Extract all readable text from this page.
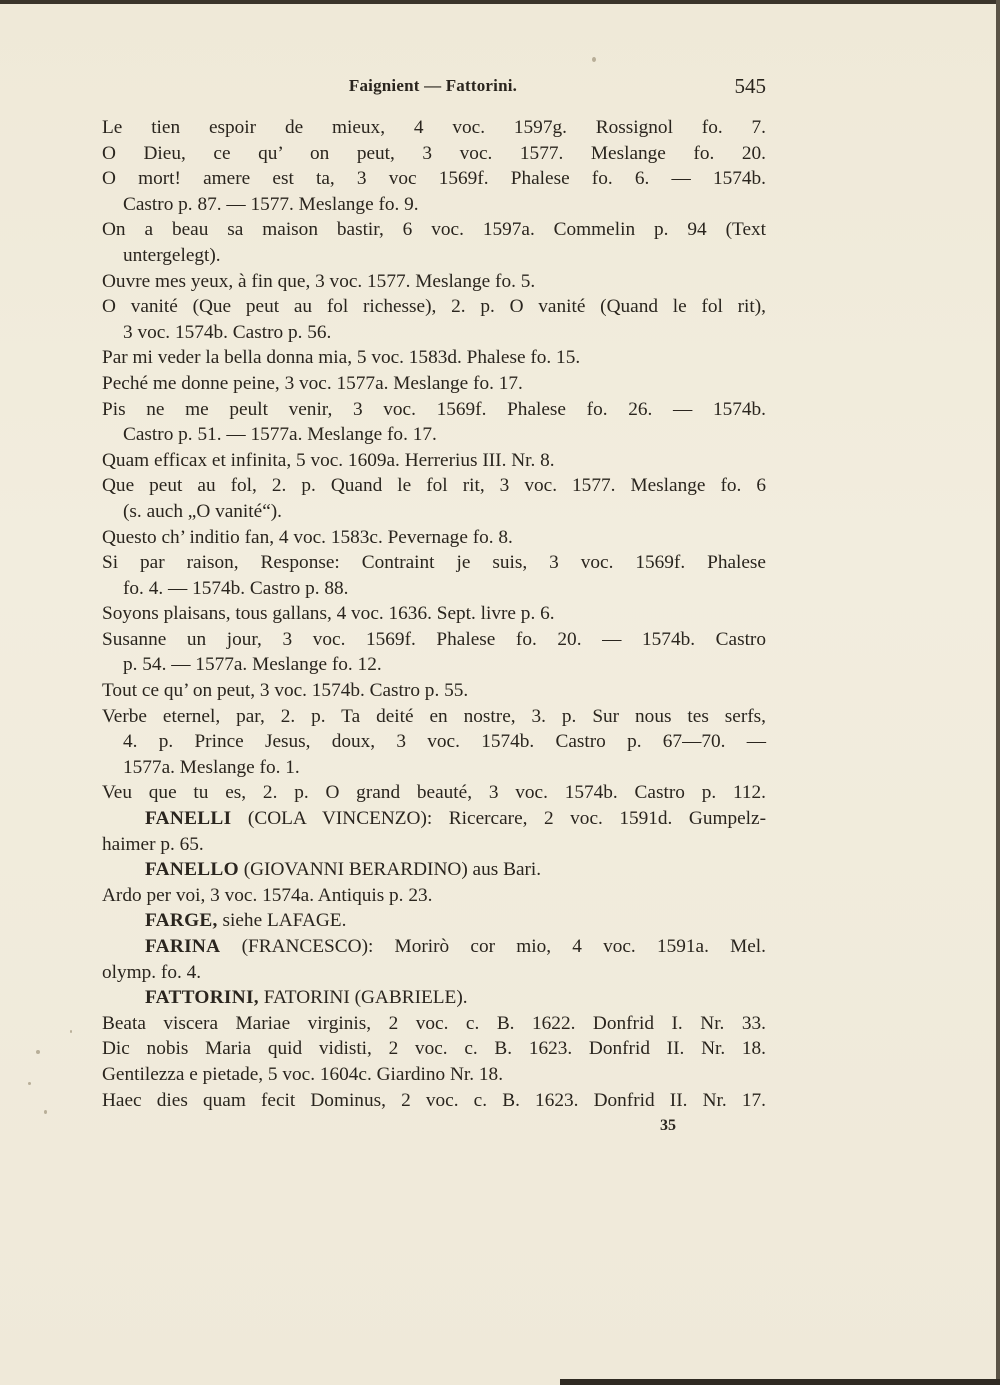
Faignient — Fattorini.	545
Le tien espoir de mieux, 4 voc. 1597g. Rossignol fo. 7.
O Dieu, ce qu’ on peut, 3 voc. 1577. Meslange fo. 20.
O mort! amere est ta, 3 voc 1569f. Phalese fo. 6. — 1574b.
Castro p. 87. — 1577. Meslange fo. 9.
On a beau sa maison bastir, 6 voc. 1597a. Commelin p. 94 (Text
untergelegt).
Ouvre mes yeux, à fin que, 3 voc. 1577. Meslange fo. 5.
O vanité (Que peut au fol richesse), 2. p. O vanité (Quand le fol rit),
3 voc. 1574b. Castro p. 56.
Par mi veder la bella donna mia, 5 voc. 1583d. Phalese fo. 15.
Peché me donne peine, 3 voc. 1577a. Meslange fo. 17.
Pis ne me peult venir, 3 voc. 1569f. Phalese fo. 26. — 1574b.
Castro p. 51. — 1577a. Meslange fo. 17.
Quam efficax et infinita, 5 voc. 1609a. Herrerius III. Nr. 8.
Que peut au fol, 2. p. Quand le fol rit, 3 voc. 1577. Meslange fo. 6
(s. auch „O vanité“).
Questo ch’ inditio fan, 4 voc. 1583c. Pevernage fo. 8.
Si par raison, Response: Contraint je suis, 3 voc. 1569f. Phalese
fo. 4. — 1574b. Castro p. 88.
Soyons plaisans, tous gallans, 4 voc. 1636. Sept. livre p. 6.
Susanne un jour, 3 voc. 1569f. Phalese fo. 20. — 1574b. Castro
p. 54. — 1577a. Meslange fo. 12.
Tout ce qu’ on peut, 3 voc. 1574b. Castro p. 55.
Verbe eternel, par, 2. p. Ta deité en nostre, 3. p. Sur nous tes serfs,
4. p. Prince Jesus, doux, 3 voc. 1574b. Castro p. 67—70. —
1577a. Meslange fo. 1.
Veu que tu es, 2. p. O grand beauté, 3 voc. 1574b. Castro p. 112.
FANELLI (COLA VINCENZO): Ricercare, 2 voc. 1591d. Gumpelz-
haimer p. 65.
FANELLO (GIOVANNI BERARDINO) aus Bari.
Ardo per voi, 3 voc. 1574a. Antiquis p. 23.
FARGE, siehe LAFAGE.
FARINA (FRANCESCO): Morirò cor mio, 4 voc. 1591a. Mel.
olymp. fo. 4.
FATTORINI, FATORINI (GABRIELE).
Beata viscera Mariae virginis, 2 voc. c. B. 1622. Donfrid I. Nr. 33.
Dic nobis Maria quid vidisti, 2 voc. c. B. 1623. Donfrid II. Nr. 18.
Gentilezza e pietade, 5 voc. 1604c. Giardino Nr. 18.
Haec dies quam fecit Dominus, 2 voc. c. B. 1623. Donfrid II. Nr. 17.
35
